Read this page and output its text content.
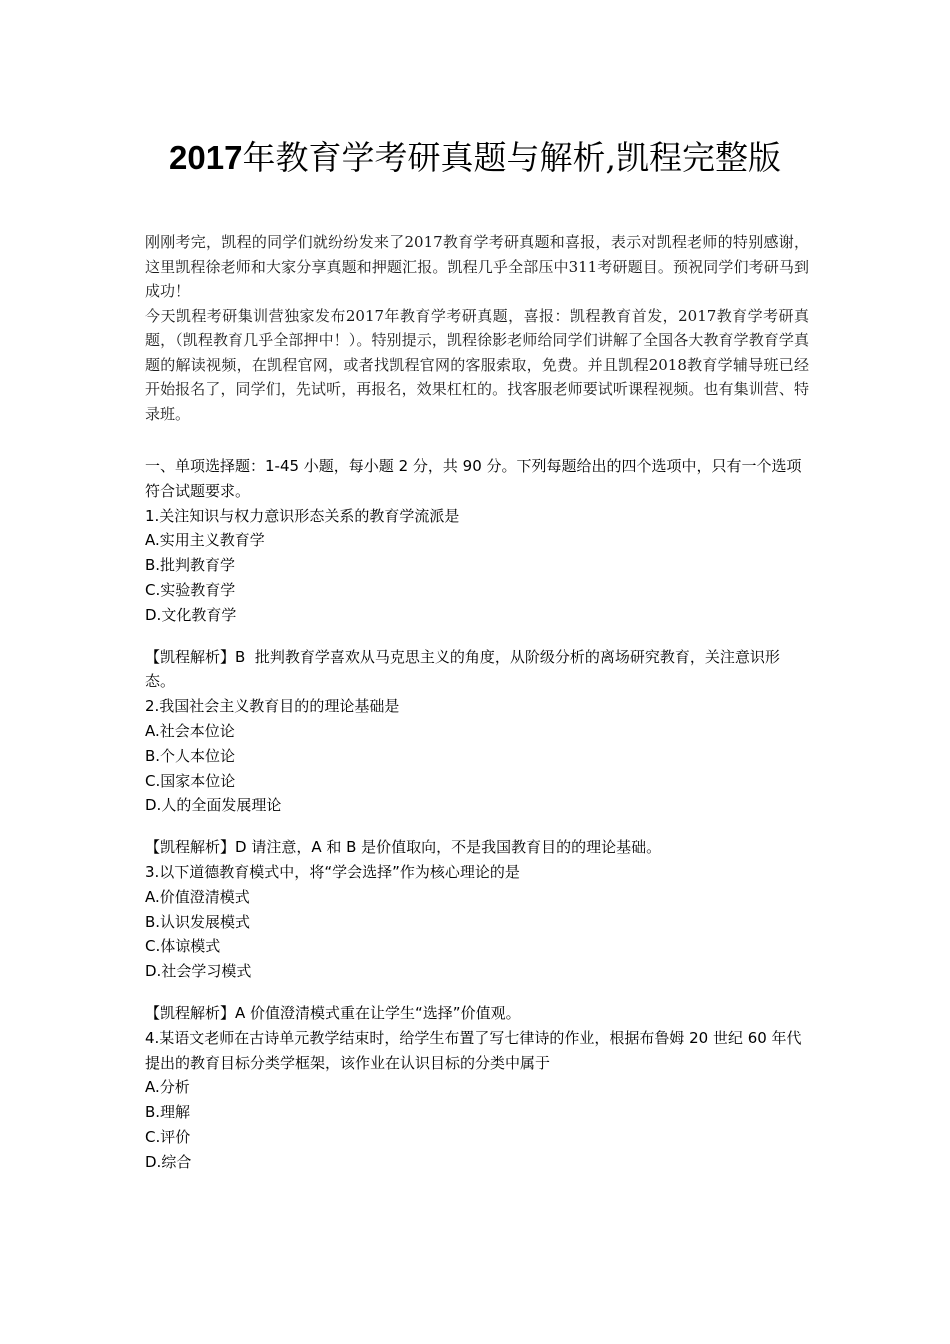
2017年教育学考研真题与解析,凯程完整版

刚刚考完，凯程的同学们就纷纷发来了2017教育学考研真题和喜报，表示对凯程老师的特别感谢，这里凯程徐老师和大家分享真题和押题汇报。凯程几乎全部压中311考研题目。预祝同学们考研马到成功！

今天凯程考研集训营独家发布2017年教育学考研真题，喜报：凯程教育首发，2017教育学考研真题，（凯程教育几乎全部押中！）。特别提示，凯程徐影老师给同学们讲解了全国各大教育学教育学真题的解读视频，在凯程官网，或者找凯程官网的客服索取，免费。并且凯程2018教育学辅导班已经开始报名了，同学们，先试听，再报名，效果杠杠的。找客服老师要试听课程视频。也有集训营、特录班。

一、单项选择题：1-45 小题，每小题 2 分，共 90 分。下列每题给出的四个选项中，只有一个选项符合试题要求。

1.关注知识与权力意识形态关系的教育学流派是

A.实用主义教育学

B.批判教育学

C.实验教育学

D.文化教育学

【凯程解析】B  批判教育学喜欢从马克思主义的角度，从阶级分析的离场研究教育，关注意识形态。

2.我国社会主义教育目的的理论基础是

A.社会本位论

B.个人本位论

C.国家本位论

D.人的全面发展理论

【凯程解析】D 请注意，A 和 B 是价值取向，不是我国教育目的的理论基础。

3.以下道德教育模式中，将“学会选择”作为核心理论的是

A.价值澄清模式

B.认识发展模式

C.体谅模式

D.社会学习模式

【凯程解析】A 价值澄清模式重在让学生“选择”价值观。

4.某语文老师在古诗单元教学结束时，给学生布置了写七律诗的作业，根据布鲁姆 20 世纪 60 年代提出的教育目标分类学框架，该作业在认识目标的分类中属于

A.分析

B.理解

C.评价

D.综合
